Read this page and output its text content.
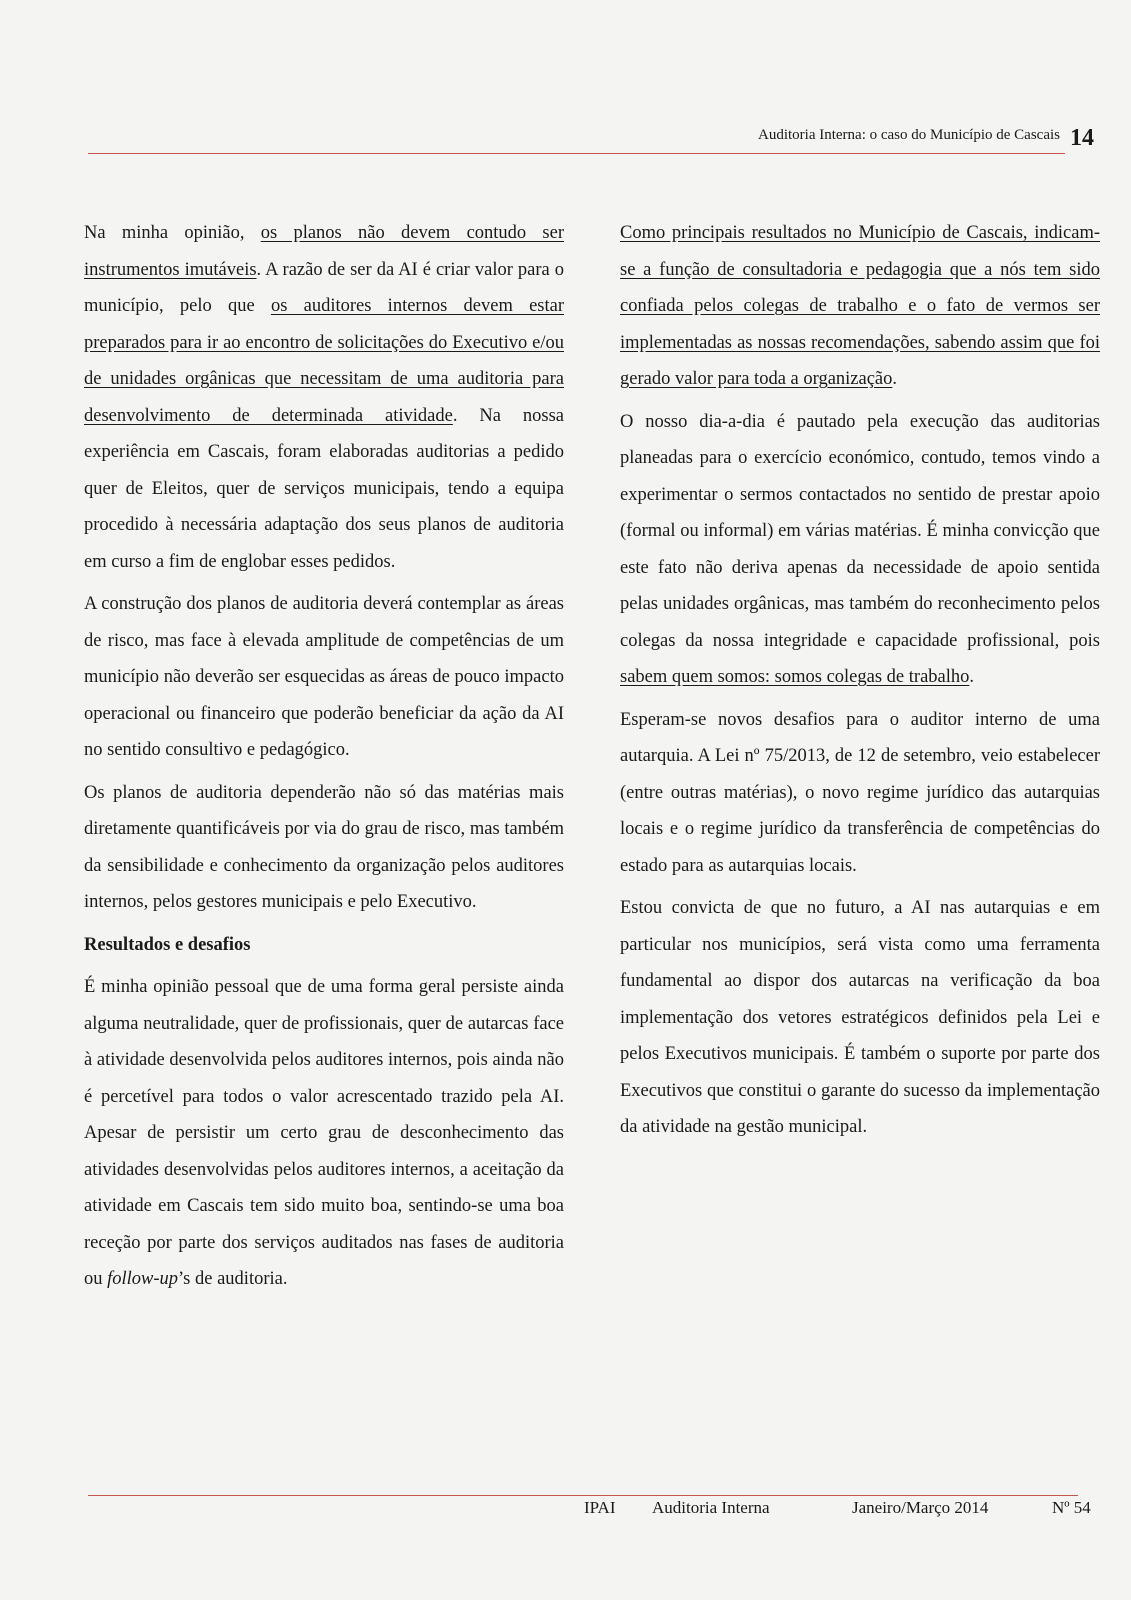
Auditoria Interna: o caso do Município de Cascais 14

Na minha opinião, os planos não devem contudo ser instrumentos imutáveis. A razão de ser da AI é criar valor para o município, pelo que os auditores internos devem estar preparados para ir ao encontro de solicitações do Executivo e/ou de unidades orgânicas que necessitam de uma auditoria para desenvolvimento de determinada atividade. Na nossa experiência em Cascais, foram elaboradas auditorias a pedido quer de Eleitos, quer de serviços municipais, tendo a equipa procedido à necessária adaptação dos seus planos de auditoria em curso a fim de englobar esses pedidos.

A construção dos planos de auditoria deverá contemplar as áreas de risco, mas face à elevada amplitude de competências de um município não deverão ser esquecidas as áreas de pouco impacto operacional ou financeiro que poderão beneficiar da ação da AI no sentido consultivo e pedagógico.

Os planos de auditoria dependerão não só das matérias mais diretamente quantificáveis por via do grau de risco, mas também da sensibilidade e conhecimento da organização pelos auditores internos, pelos gestores municipais e pelo Executivo.

Resultados e desafios

É minha opinião pessoal que de uma forma geral persiste ainda alguma neutralidade, quer de profissionais, quer de autarcas face à atividade desenvolvida pelos auditores internos, pois ainda não é percetível para todos o valor acrescentado trazido pela AI. Apesar de persistir um certo grau de desconhecimento das atividades desenvolvidas pelos auditores internos, a aceitação da atividade em Cascais tem sido muito boa, sentindo-se uma boa receção por parte dos serviços auditados nas fases de auditoria ou follow-up’s de auditoria.

Como principais resultados no Município de Cascais, indicam-se a função de consultadoria e pedagogia que a nós tem sido confiada pelos colegas de trabalho e o fato de vermos ser implementadas as nossas recomendações, sabendo assim que foi gerado valor para toda a organização.

O nosso dia-a-dia é pautado pela execução das auditorias planeadas para o exercício económico, contudo, temos vindo a experimentar o sermos contactados no sentido de prestar apoio (formal ou informal) em várias matérias. É minha convicção que este fato não deriva apenas da necessidade de apoio sentida pelas unidades orgânicas, mas também do reconhecimento pelos colegas da nossa integridade e capacidade profissional, pois sabem quem somos: somos colegas de trabalho.

Esperam-se novos desafios para o auditor interno de uma autarquia. A Lei nº 75/2013, de 12 de setembro, veio estabelecer (entre outras matérias), o novo regime jurídico das autarquias locais e o regime jurídico da transferência de competências do estado para as autarquias locais.

Estou convicta de que no futuro, a AI nas autarquias e em particular nos municípios, será vista como uma ferramenta fundamental ao dispor dos autarcas na verificação da boa implementação dos vetores estratégicos definidos pela Lei e pelos Executivos municipais. É também o suporte por parte dos Executivos que constitui o garante do sucesso da implementação da atividade na gestão municipal.

IPAI Auditoria Interna	Janeiro/Março 2014	Nº 54
